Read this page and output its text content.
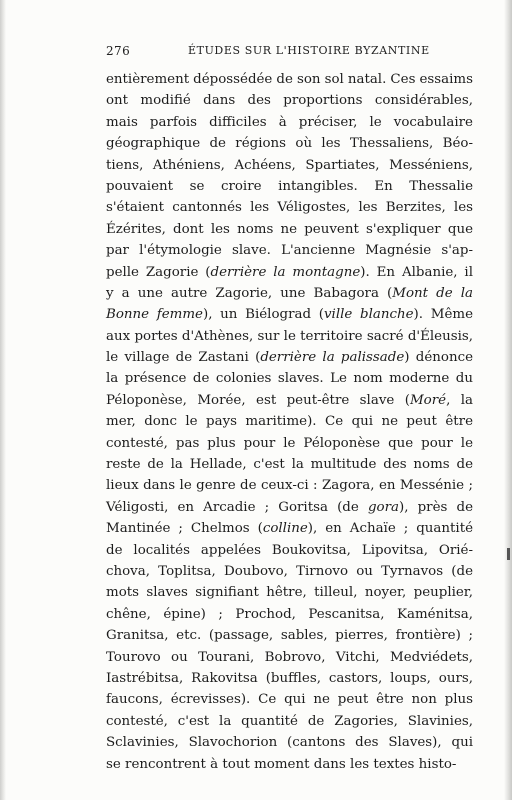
276	ÉTUDES SUR L'HISTOIRE BYZANTINE
entièrement dépossédée de son sol natal. Ces essaims
ont modifié dans des proportions considérables,
mais parfois difficiles à préciser, le vocabulaire
géographique de régions où les Thessaliens, Béo-
tiens, Athéniens, Achéens, Spartiates, Messéniens,
pouvaient se croire intangibles. En Thessalie
s'étaient cantonnés les Véligostes, les Berzites, les
Ézérites, dont les noms ne peuvent s'expliquer que
par l'étymologie slave. L'ancienne Magnésie s'ap-
pelle Zagorie (derrière la montagne). En Albanie, il
y a une autre Zagorie, une Babagora (Mont de la
Bonne femme), un Biélograd (ville blanche). Même
aux portes d'Athènes, sur le territoire sacré d'Éleusis,
le village de Zastani (derrière la palissade) dénonce
la présence de colonies slaves. Le nom moderne du
Péloponèse, Morée, est peut-être slave (Moré, la
mer, donc le pays maritime). Ce qui ne peut être
contesté, pas plus pour le Péloponèse que pour le
reste de la Hellade, c'est la multitude des noms de
lieux dans le genre de ceux-ci : Zagora, en Messénie ;
Véligosti, en Arcadie ; Goritsa (de gora), près de
Mantinée ; Chelmos (colline), en Achaïe ; quantité
de localités appelées Boukovitsa, Lipovitsa, Orié-
chova, Toplitsa, Doubovo, Tirnovo ou Tyrnavos (de
mots slaves signifiant hêtre, tilleul, noyer, peuplier,
chêne, épine) ; Prochod, Pescanitsa, Kaménitsa,
Granitsa, etc. (passage, sables, pierres, frontière) ;
Tourovo ou Tourani, Bobrovo, Vitchi, Medviédets,
Iastrébitsa, Rakovitsa (buffles, castors, loups, ours,
faucons, écrevisses). Ce qui ne peut être non plus
contesté, c'est la quantité de Zagories, Slavinies,
Sclavinies, Slavochorion (cantons des Slaves), qui
se rencontrent à tout moment dans les textes histo-
